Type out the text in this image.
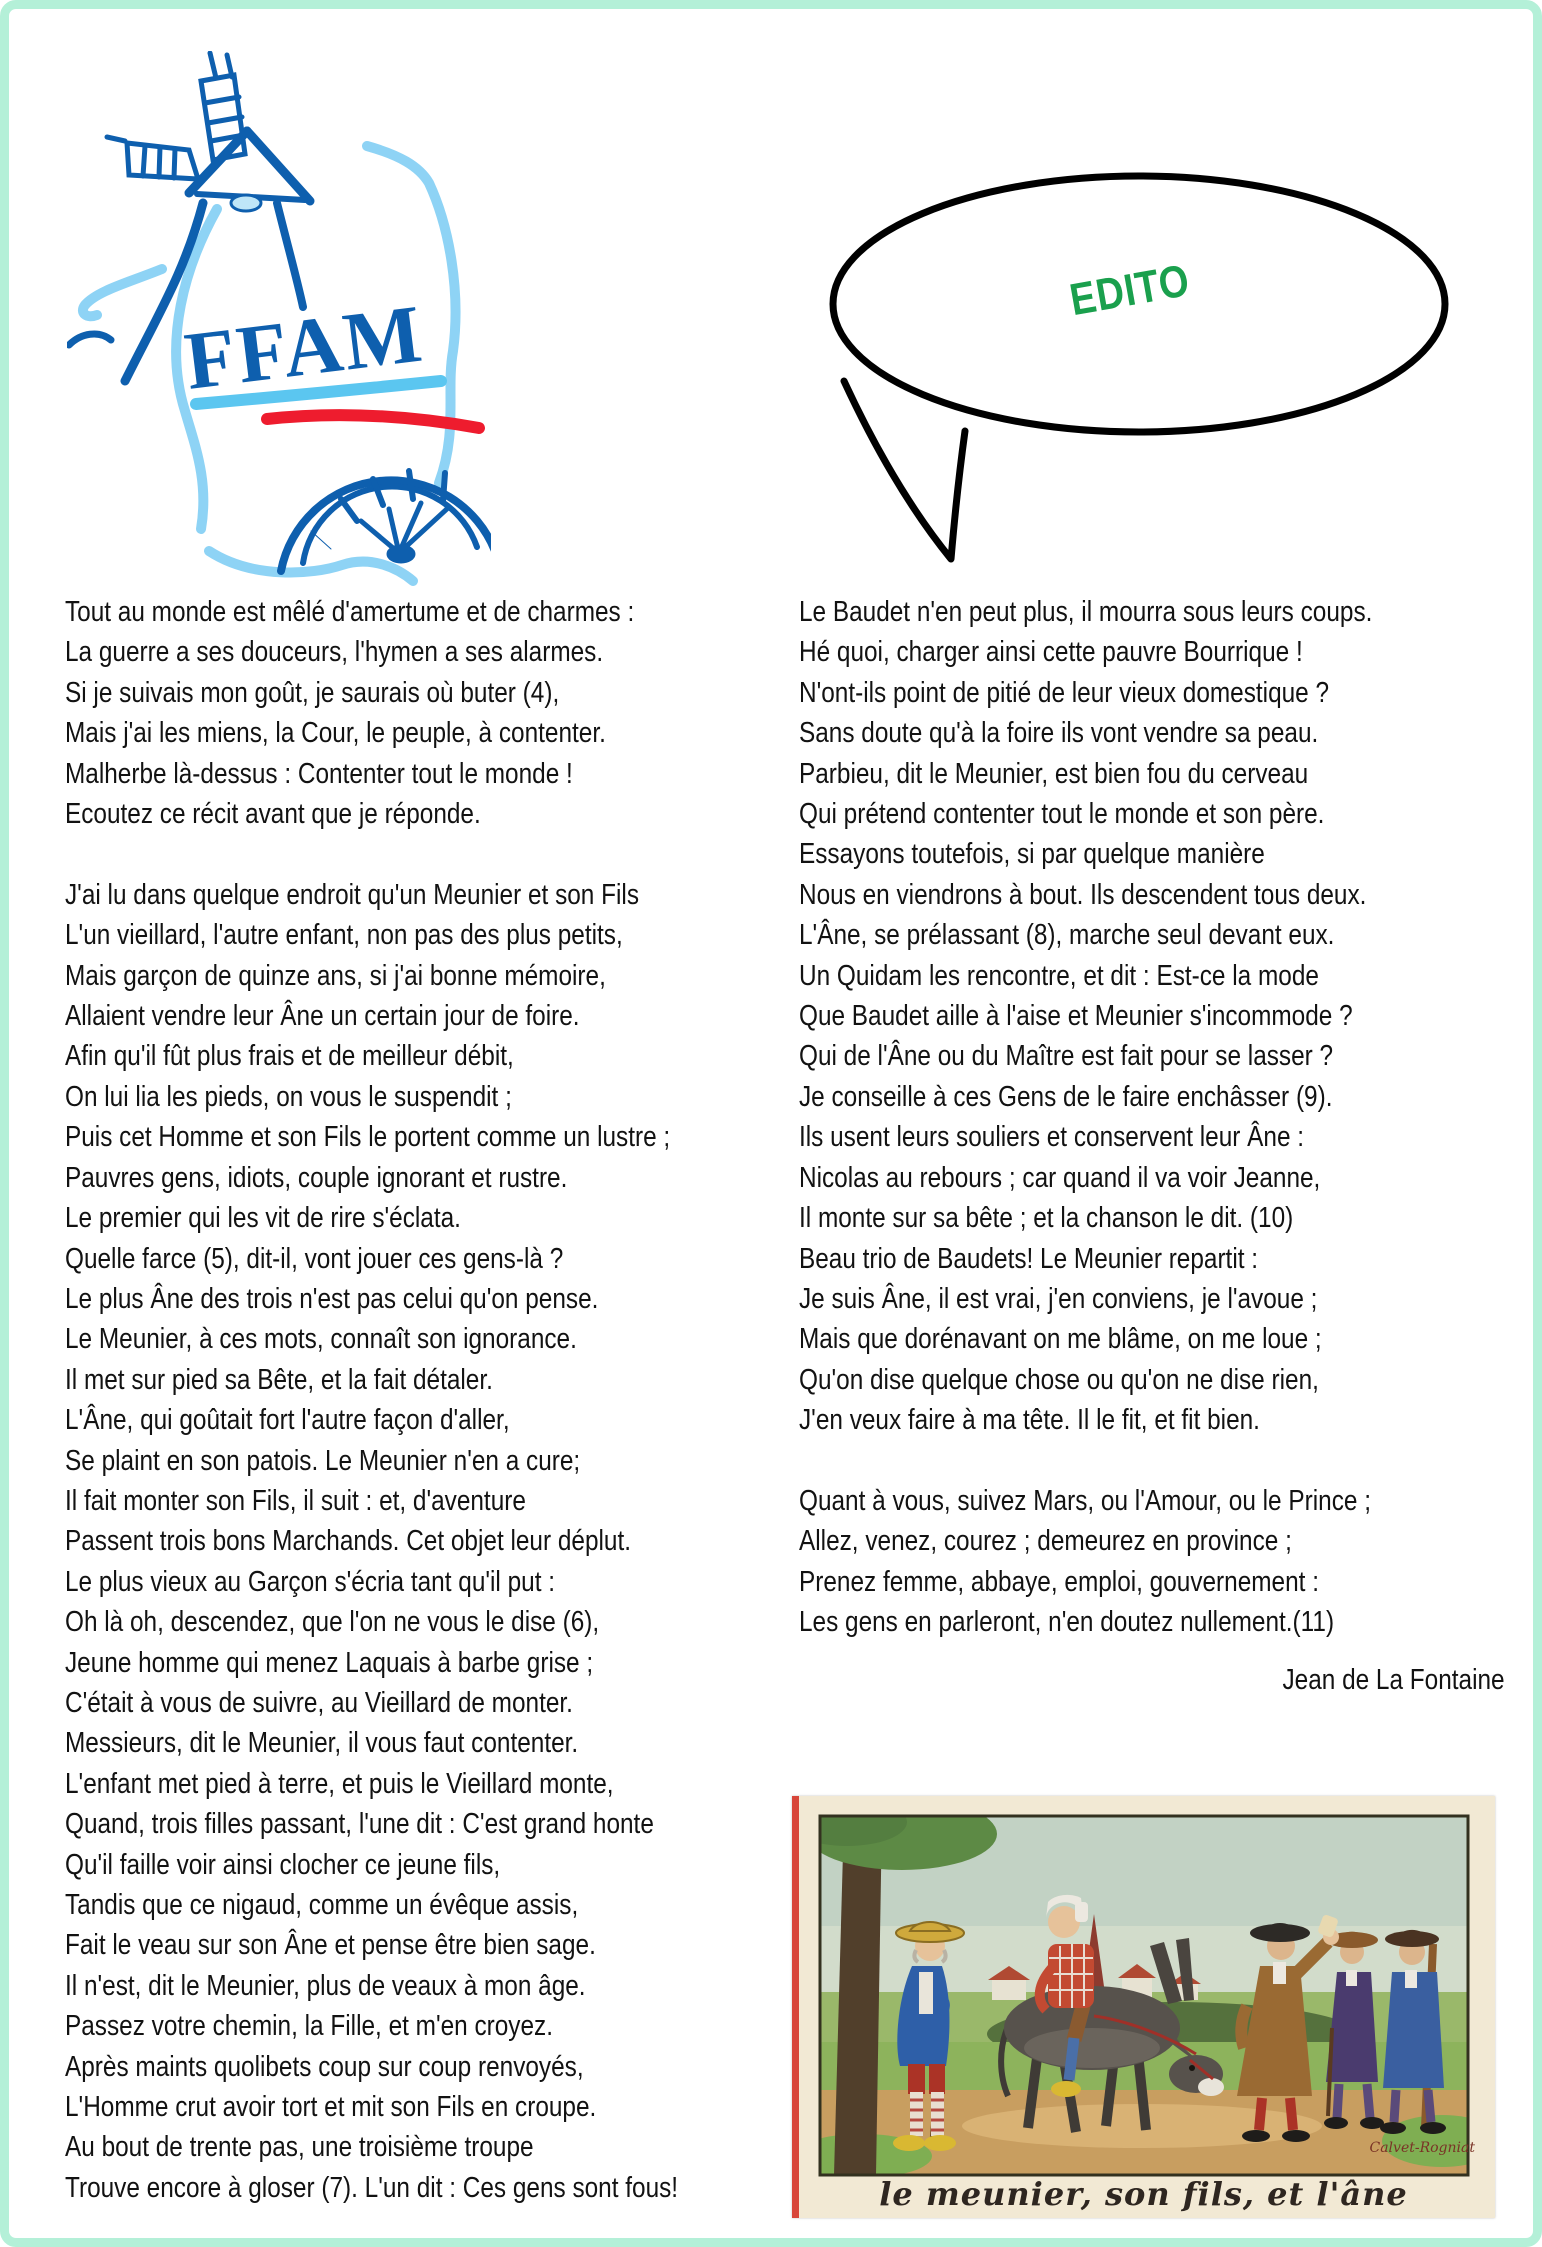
FFAM	EDITO
Tout au monde est mêlé d'amertume et de charmes :
La guerre a ses douceurs, l'hymen a ses alarmes.
Si je suivais mon goût, je saurais où buter (4),
Mais j'ai les miens, la Cour, le peuple, à contenter.
Malherbe là-dessus : Contenter tout le monde !
Ecoutez ce récit avant que je réponde.

J'ai lu dans quelque endroit qu'un Meunier et son Fils
L'un vieillard, l'autre enfant, non pas des plus petits,
Mais garçon de quinze ans, si j'ai bonne mémoire,
Allaient vendre leur Âne un certain jour de foire.
Afin qu'il fût plus frais et de meilleur débit,
On lui lia les pieds, on vous le suspendit ;
Puis cet Homme et son Fils le portent comme un lustre ;
Pauvres gens, idiots, couple ignorant et rustre.
Le premier qui les vit de rire s'éclata.
Quelle farce (5), dit-il, vont jouer ces gens-là ?
Le plus Âne des trois n'est pas celui qu'on pense.
Le Meunier, à ces mots, connaît son ignorance.
Il met sur pied sa Bête, et la fait détaler.
L'Âne, qui goûtait fort l'autre façon d'aller,
Se plaint en son patois. Le Meunier n'en a cure;
Il fait monter son Fils, il suit : et, d'aventure
Passent trois bons Marchands. Cet objet leur déplut.
Le plus vieux au Garçon s'écria tant qu'il put :
Oh là oh, descendez, que l'on ne vous le dise (6),
Jeune homme qui menez Laquais à barbe grise ;
C'était à vous de suivre, au Vieillard de monter.
Messieurs, dit le Meunier, il vous faut contenter.
L'enfant met pied à terre, et puis le Vieillard monte,
Quand, trois filles passant, l'une dit : C'est grand honte
Qu'il faille voir ainsi clocher ce jeune fils,
Tandis que ce nigaud, comme un évêque assis,
Fait le veau sur son Âne et pense être bien sage.
Il n'est, dit le Meunier, plus de veaux à mon âge.
Passez votre chemin, la Fille, et m'en croyez.
Après maints quolibets coup sur coup renvoyés,
L'Homme crut avoir tort et mit son Fils en croupe.
Au bout de trente pas, une troisième troupe
Trouve encore à gloser (7). L'un dit : Ces gens sont fous!
Le Baudet n'en peut plus, il mourra sous leurs coups.
Hé quoi, charger ainsi cette pauvre Bourrique !
N'ont-ils point de pitié de leur vieux domestique ?
Sans doute qu'à la foire ils vont vendre sa peau.
Parbieu, dit le Meunier, est bien fou du cerveau
Qui prétend contenter tout le monde et son père.
Essayons toutefois, si par quelque manière
Nous en viendrons à bout. Ils descendent tous deux.
L'Âne, se prélassant (8), marche seul devant eux.
Un Quidam les rencontre, et dit : Est-ce la mode
Que Baudet aille à l'aise et Meunier s'incommode ?
Qui de l'Âne ou du Maître est fait pour se lasser ?
Je conseille à ces Gens de le faire enchâsser (9).
Ils usent leurs souliers et conservent leur Âne :
Nicolas au rebours ; car quand il va voir Jeanne,
Il monte sur sa bête ; et la chanson le dit. (10)
Beau trio de Baudets! Le Meunier repartit :
Je suis Âne, il est vrai, j'en conviens, je l'avoue ;
Mais que dorénavant on me blâme, on me loue ;
Qu'on dise quelque chose ou qu'on ne dise rien,
J'en veux faire à ma tête. Il le fit, et fit bien.

Quant à vous, suivez Mars, ou l'Amour, ou le Prince ;
Allez, venez, courez ; demeurez en province ;
Prenez femme, abbaye, emploi, gouvernement :
Les gens en parleront, n'en doutez nullement.(11)
Jean de La Fontaine
Calvet-Rogniat
le meunier, son fils, et l'âne
